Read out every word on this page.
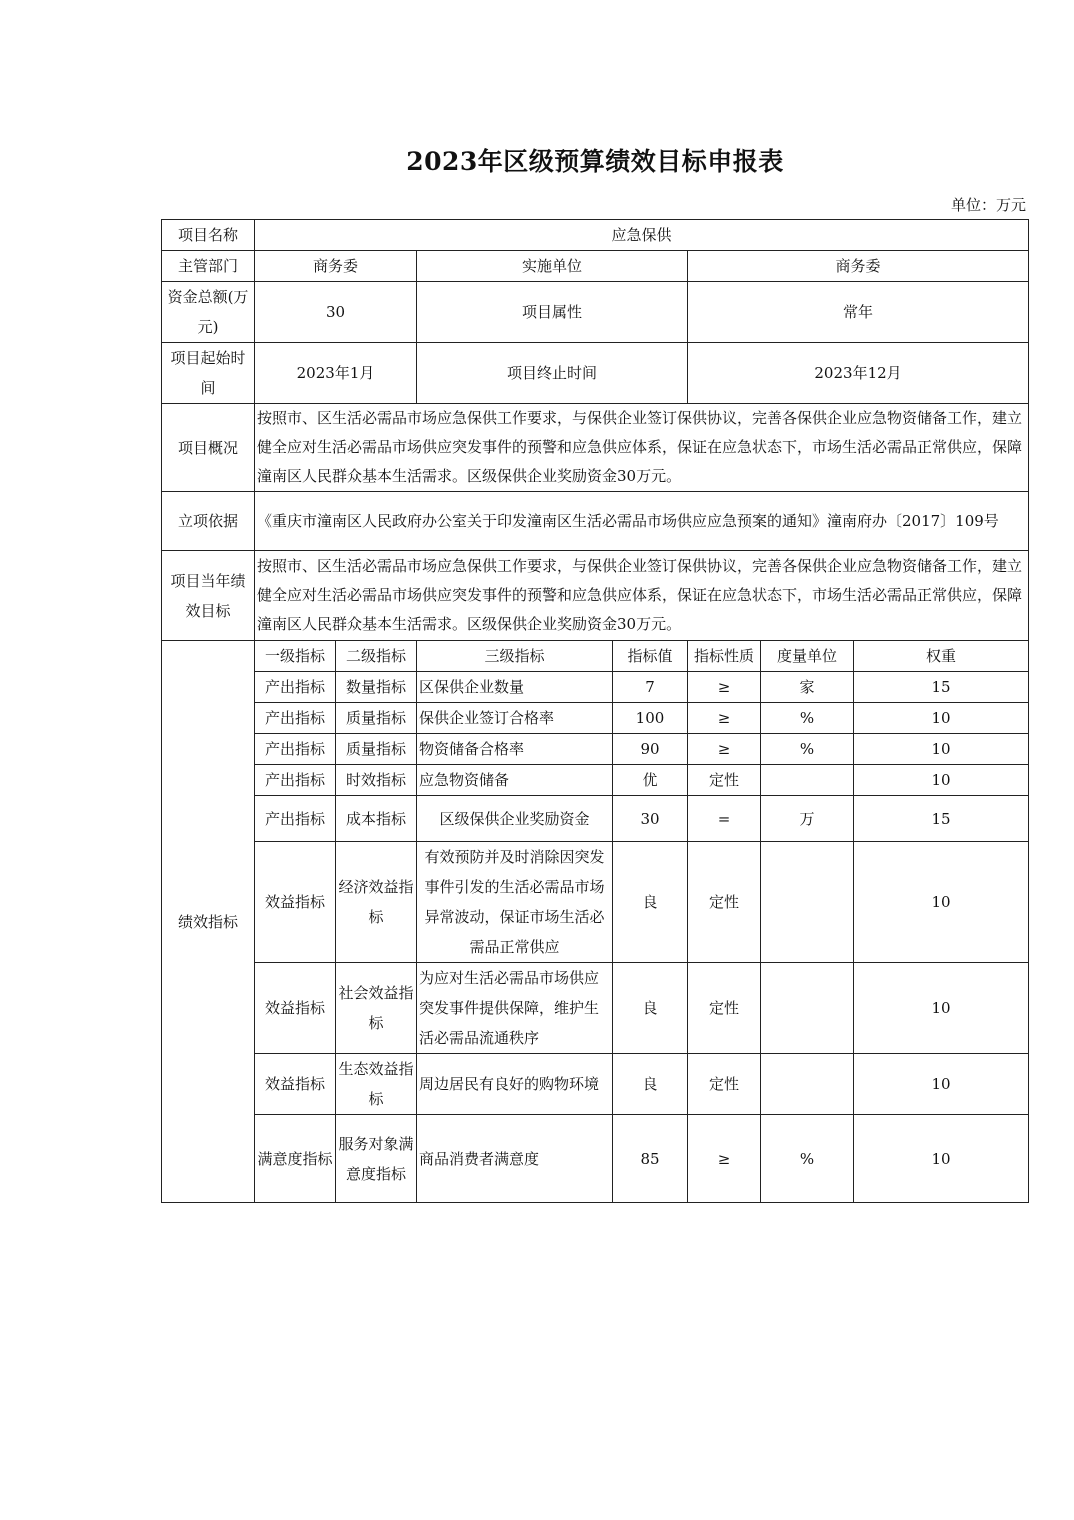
2023年区级预算绩效目标申报表
单位：万元
项目名称	应急保供						
主管部门	商务委		实施单位		商务委		
资金总额(万元)	30		项目属性		常年		
项目起始时间	2023年1月		项目终止时间		2023年12月		
项目概况	按照市、区生活必需品市场应急保供工作要求，与保供企业签订保供协议，完善各保供企业应急物资储备工作，建立健全应对生活必需品市场供应突发事件的预警和应急供应体系，保证在应急状态下，市场生活必需品正常供应，保障潼南区人民群众基本生活需求。区级保供企业奖励资金30万元。						
立项依据	《重庆市潼南区人民政府办公室关于印发潼南区生活必需品市场供应应急预案的通知》潼南府办〔2017〕109号						
项目当年绩效目标	按照市、区生活必需品市场应急保供工作要求，与保供企业签订保供协议，完善各保供企业应急物资储备工作，建立健全应对生活必需品市场供应突发事件的预警和应急供应体系，保证在应急状态下，市场生活必需品正常供应，保障潼南区人民群众基本生活需求。区级保供企业奖励资金30万元。						
绩效指标	一级指标	二级指标	三级指标	指标值	指标性质	度量单位	权重
	产出指标	数量指标	区保供企业数量	7	≥	家	15
	产出指标	质量指标	保供企业签订合格率	100	≥	%	10
	产出指标	质量指标	物资储备合格率	90	≥	%	10
	产出指标	时效指标	应急物资储备	优	定性		10
	产出指标	成本指标	区级保供企业奖励资金	30	=	万	15
	效益指标	经济效益指标	有效预防并及时消除因突发事件引发的生活必需品市场异常波动，保证市场生活必需品正常供应	良	定性		10
	效益指标	社会效益指标	为应对生活必需品市场供应突发事件提供保障，维护生活必需品流通秩序	良	定性		10
	效益指标	生态效益指标	周边居民有良好的购物环境	良	定性		10
	满意度指标	服务对象满意度指标	商品消费者满意度	85	≥	%	10
